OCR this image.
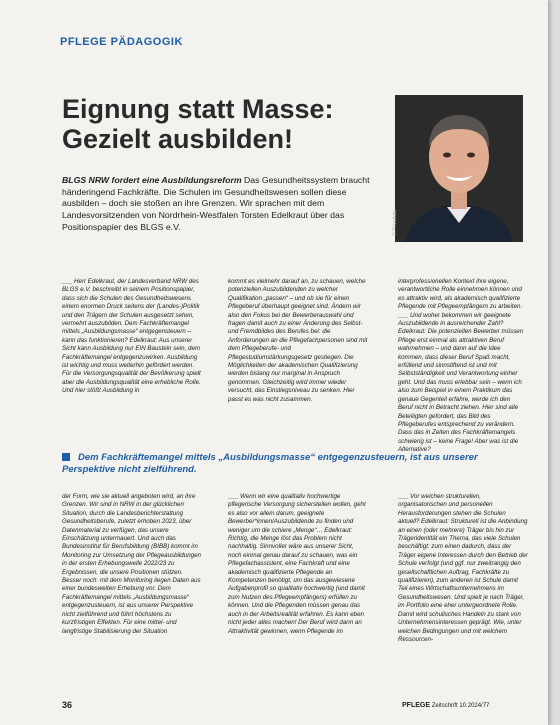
PFLEGE PÄDAGOGIK
Eignung statt Masse: Gezielt ausbilden!
BLGS NRW fordert eine Ausbildungsreform Das Gesundheitssystem braucht händeringend Fachkräfte. Die Schulen im Gesundheitswesen sollen diese ausbilden – doch sie stoßen an ihre Grenzen. Wir sprachen mit dem Landesvorsitzenden von Nordrhein-Westfalen Torsten Edelkraut über das Positionspapier des BLGS e.V.	© Privatfoto

___ Herr Edelkraut, der Landesverband NRW des BLGS e.V. beschreibt in seinem Positionspapier, dass sich die Schulen des Gesundheitswesens einem enormen Druck seitens der (Landes-)Politik und den Trägern der Schulen ausgesetzt sehen, vermehrt auszubilden. Dem Fachkräftemangel mittels „Ausbildungsmasse“ entgegensteuern – kann das funktionieren? Edelkraut: Aus unserer Sicht kann Ausbildung nur EIN Baustein sein, dem Fachkräftemangel entgegenzuwirken. Ausbildung ist wichtig und muss weiterhin gefördert werden. Für die Versorgungsqualität der Bevölkerung spielt aber die Ausbildungsqualität eine erhebliche Rolle. Und hier stößt Ausbildung in

kommt es vielmehr darauf an, zu schauen, welche potenziellen Auszubildenden zu welcher Qualifikation „passen“ – und ob sie für einen Pflegeberuf überhaupt geeignet sind. Ändern wir also den Fokus bei der Bewerberauswahl und fragen damit auch zu einer Änderung des Selbst- und Fremdbildes des Berufes bei: die Anforderungen an die Pflegefachpersonen sind mit dem Pflegeberufe- und Pflegestudiumstärkungsgesetz gestiegen. Die Möglichkeiten der akademischen Qualifizierung werden bislang nur marginal in Anspruch genommen. Gleichzeitig wird immer wieder versucht, das Einstiegsniveau zu senken. Hier passt es was nicht zusammen.

interprofessionellen Kontext ihre eigene, verantwortliche Rolle einnehmen können und es attraktiv wird, als akademisch qualifizierte Pflegende mit Pflegeempfängern zu arbeiten. ___ Und woher bekommen wir geeignete Auszubildende in ausreichender Zahl? Edelkraut: Die potenziellen Bewerber müssen Pflege erst einmal als attraktiven Beruf wahrnehmen – und dann auf die Idee kommen, dass dieser Beruf Spaß macht, erfüllend und sinnstiftend ist und mit Selbstständigkeit und Verantwortung einher geht. Und das muss erlebbar sein – wenn ich also zum Beispiel in einem Praktikum das genaue Gegenteil erfahre, werde ich den Beruf nicht in Betracht ziehen. Hier sind alle Beteiligten gefordert, das Bild des Pflegeberufes entsprechend zu verändern. Dass das in Zeiten des Fachkräftemangels schwierig ist – keine Frage! Aber was ist die Alternative?

Dem Fachkräftemangel mittels „Ausbildungsmasse“ entgegenzusteuern, ist aus unserer Perspektive nicht zielführend.

der Form, wie sie aktuell angeboten wird, an ihre Grenzen. Wir sind in NRW in der glücklichen Situation, durch die Landesberichterstattung Gesundheitsberufe, zuletzt erhoben 2023, über Datenmaterial zu verfügen, das unsere Einschätzung untermauert. Und auch das Bundesinstitut für Berufsbildung (BIBB) kommt im Monitoring zur Umsetzung der Pflegeausbildungen in der ersten Erhebungswelle 2022/23 zu Ergebnissen, die unsere Positionen stützen. Besser noch: mit dem Monitoring liegen Daten aus einer bundesweiten Erhebung vor. Dem Fachkräftemangel mittels „Ausbildungsmasse“ entgegenzusteuern, ist aus unserer Perspektive nicht zielführend und führt höchstens zu kurzfristigen Effekten. Für eine mittel- und langfristige Stabilisierung der Situation

___ Wenn wir eine qualitativ hochwertige pflegerische Versorgung sicherstellen wollen, geht es also vor allem darum, geeignete Bewerber*innen/Auszubildende zu finden und weniger um die schiere „Menge“… Edelkraut: Richtig, die Menge löst das Problem nicht nachhaltig. Sinnvoller wäre aus unserer Sicht, noch einmal genau darauf zu schauen, was ein Pflegefachassistent, eine Fachkraft und eine akademisch qualifizierte Pflegende an Kompetenzen benötigt, um das ausgewiesene Aufgabenprofil so qualitativ hochwertig (und damit zum Nutzen des Pflegeempfängers) erfüllen zu können. Und die Pflegenden müssen genau das auch in der Arbeitsrealität erfahren. Es kann eben nicht jeder alles machen! Der Beruf wird dann an Attraktivität gewinnen, wenn Pflegende im

___ Vor welchen strukturellen, organisatorischen und personellen Herausforderungen stehen die Schulen aktuell? Edelkraut: Strukturell ist die Anbindung an einen (oder mehrere) Träger bis hin zur Trägeridentität ein Thema, das viele Schulen beschäftigt: zum einen dadurch, dass der Träger eigene Interessen durch den Betrieb der Schule verfolgt (und ggf. nur zweitrangig den gesellschaftlichen Auftrag, Fachkräfte zu qualifizieren), zum anderen ist Schule damit Teil eines Wirtschaftsunternehmens im Gesundheitswesen. Und spielt je nach Träger, im Portfolio eine eher untergeordnete Rolle. Damit wird schulisches Handeln zu stark von Unternehmensinteressen geprägt. Wie, unter welchen Bedingungen und mit welchem Ressourcen-

36	PFLEGE Zeitschrift 10.2024/77
